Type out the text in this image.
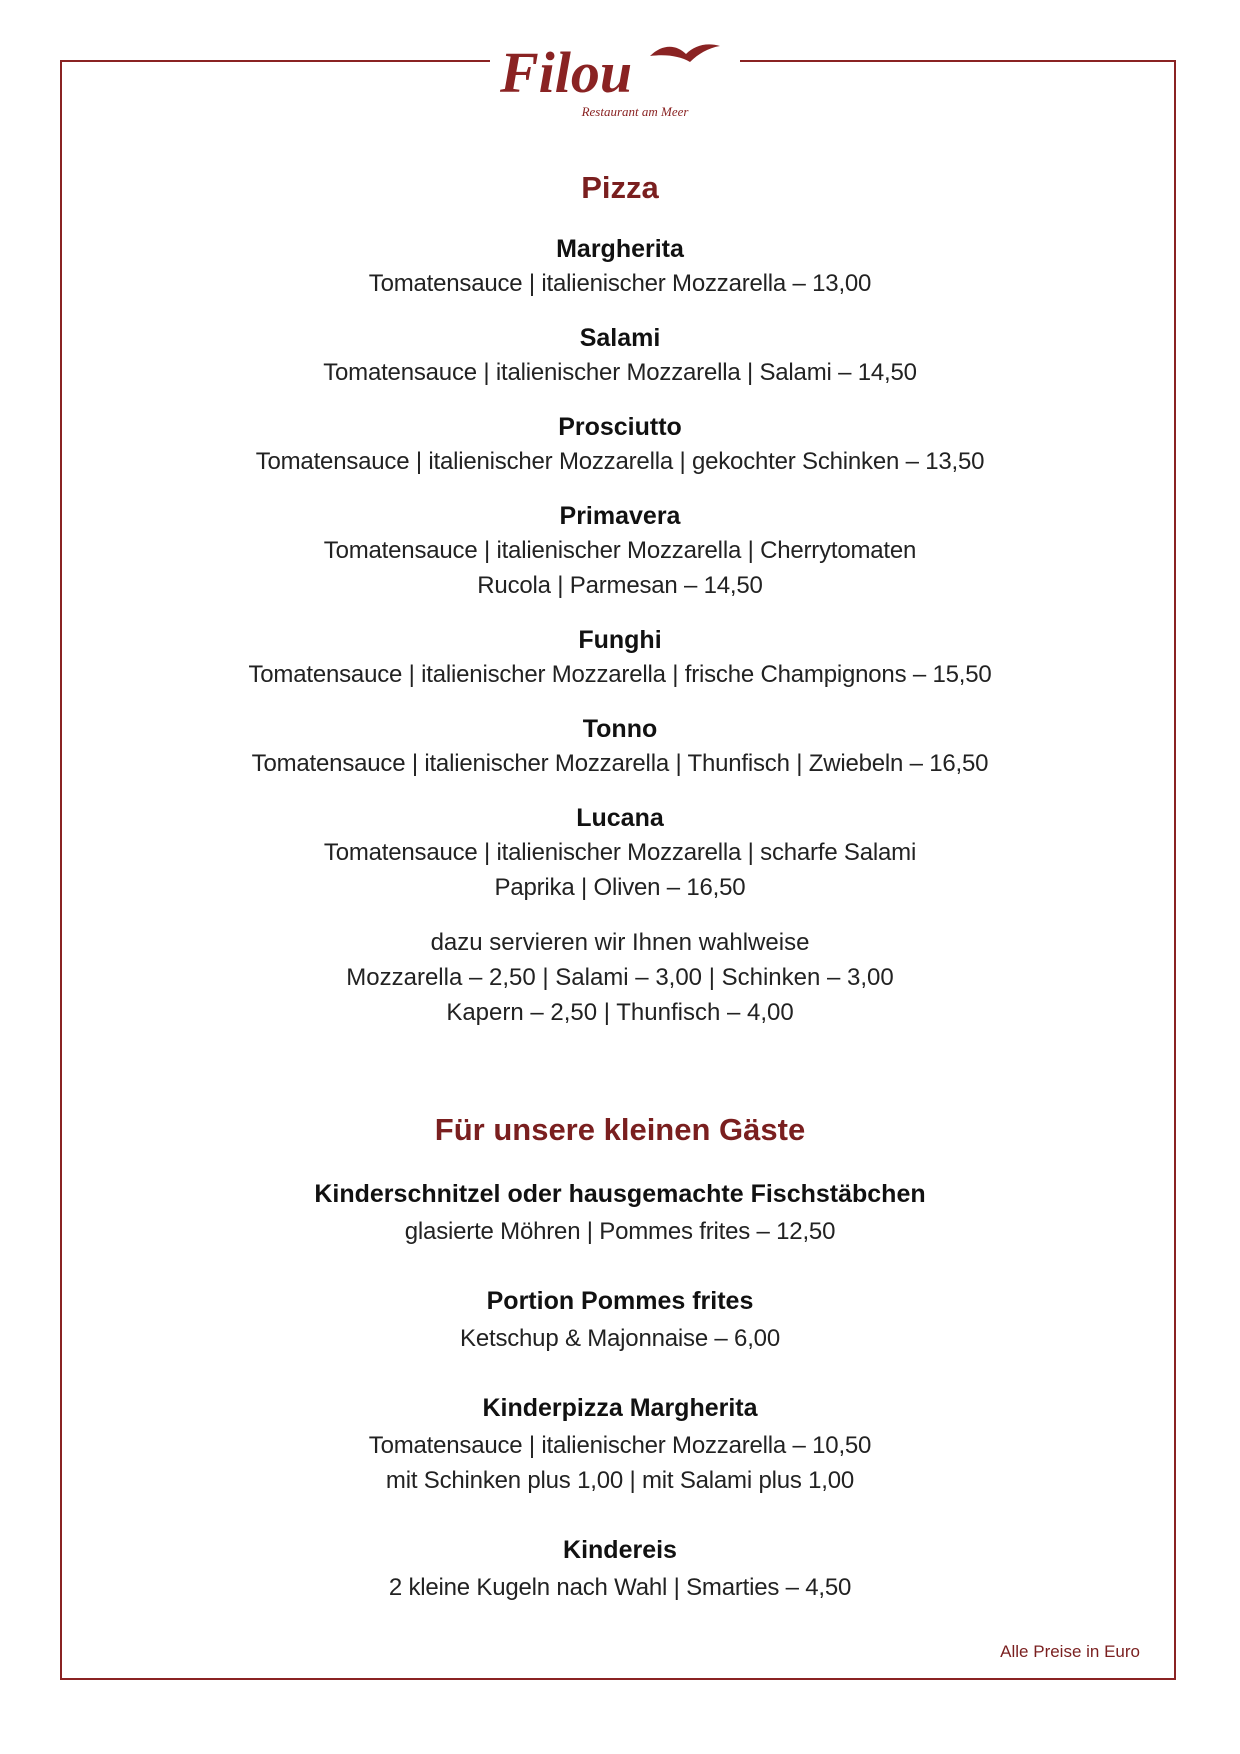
Filou
Restaurant am Meer
Pizza
Margherita
Tomatensauce | italienischer Mozzarella – 13,00
Salami
Tomatensauce | italienischer Mozzarella | Salami – 14,50
Prosciutto
Tomatensauce | italienischer Mozzarella | gekochter Schinken – 13,50
Primavera
Tomatensauce | italienischer Mozzarella | Cherrytomaten
Rucola | Parmesan – 14,50
Funghi
Tomatensauce | italienischer Mozzarella | frische Champignons – 15,50
Tonno
Tomatensauce | italienischer Mozzarella | Thunfisch | Zwiebeln – 16,50
Lucana
Tomatensauce | italienischer Mozzarella | scharfe Salami
Paprika | Oliven – 16,50
dazu servieren wir Ihnen wahlweise
Mozzarella – 2,50 | Salami – 3,00 | Schinken – 3,00
Kapern – 2,50 | Thunfisch – 4,00
Für unsere kleinen Gäste
Kinderschnitzel oder hausgemachte Fischstäbchen
glasierte Möhren | Pommes frites – 12,50
Portion Pommes frites
Ketschup & Majonnaise – 6,00
Kinderpizza Margherita
Tomatensauce | italienischer Mozzarella – 10,50
mit Schinken plus 1,00 | mit Salami plus 1,00
Kindereis
2 kleine Kugeln nach Wahl | Smarties – 4,50
Alle Preise in Euro
